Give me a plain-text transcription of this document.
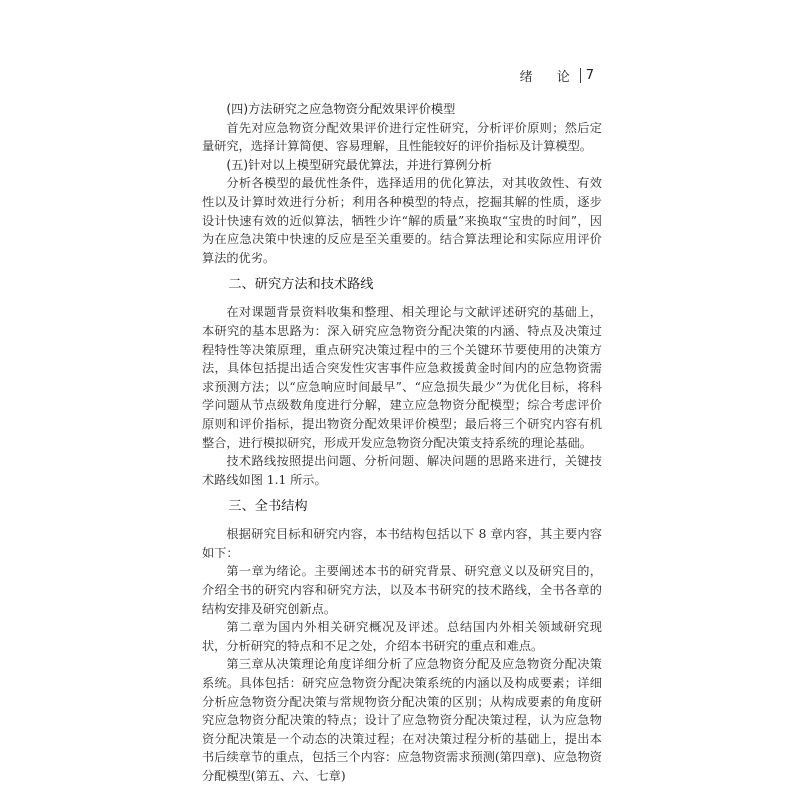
绪 论 7
(四)方法研究之应急物资分配效果评价模型

首先对应急物资分配效果评价进行定性研究，分析评价原则；然后定量研究，选择计算简便、容易理解，且性能较好的评价指标及计算模型。

(五)针对以上模型研究最优算法，并进行算例分析

分析各模型的最优性条件，选择适用的优化算法，对其收敛性、有效性以及计算时效进行分析；利用各种模型的特点，挖掘其解的性质，逐步设计快速有效的近似算法，牺牲少许“解的质量”来换取“宝贵的时间”，因为在应急决策中快速的反应是至关重要的。结合算法理论和实际应用评价算法的优劣。

二、研究方法和技术路线

在对课题背景资料收集和整理、相关理论与文献评述研究的基础上，本研究的基本思路为：深入研究应急物资分配决策的内涵、特点及决策过程特性等决策原理，重点研究决策过程中的三个关键环节要使用的决策方法，具体包括提出适合突发性灾害事件应急救援黄金时间内的应急物资需求预测方法；以“应急响应时间最早”、“应急损失最少”为优化目标，将科学问题从节点级数角度进行分解，建立应急物资分配模型；综合考虑评价原则和评价指标，提出物资分配效果评价模型；最后将三个研究内容有机整合，进行模拟研究，形成开发应急物资分配决策支持系统的理论基础。

技术路线按照提出问题、分析问题、解决问题的思路来进行，关键技术路线如图 1.1 所示。

三、全书结构

根据研究目标和研究内容，本书结构包括以下 8 章内容，其主要内容如下：

第一章为绪论。主要阐述本书的研究背景、研究意义以及研究目的，介绍全书的研究内容和研究方法，以及本书研究的技术路线，全书各章的结构安排及研究创新点。

第二章为国内外相关研究概况及评述。总结国内外相关领域研究现状，分析研究的特点和不足之处，介绍本书研究的重点和难点。

第三章从决策理论角度详细分析了应急物资分配及应急物资分配决策系统。具体包括：研究应急物资分配决策系统的内涵以及构成要素；详细分析应急物资分配决策与常规物资分配决策的区别；从构成要素的角度研究应急物资分配决策的特点；设计了应急物资分配决策过程，认为应急物资分配决策是一个动态的决策过程；在对决策过程分析的基础上，提出本书后续章节的重点，包括三个内容：应急物资需求预测(第四章)、应急物资分配模型(第五、六、七章)
